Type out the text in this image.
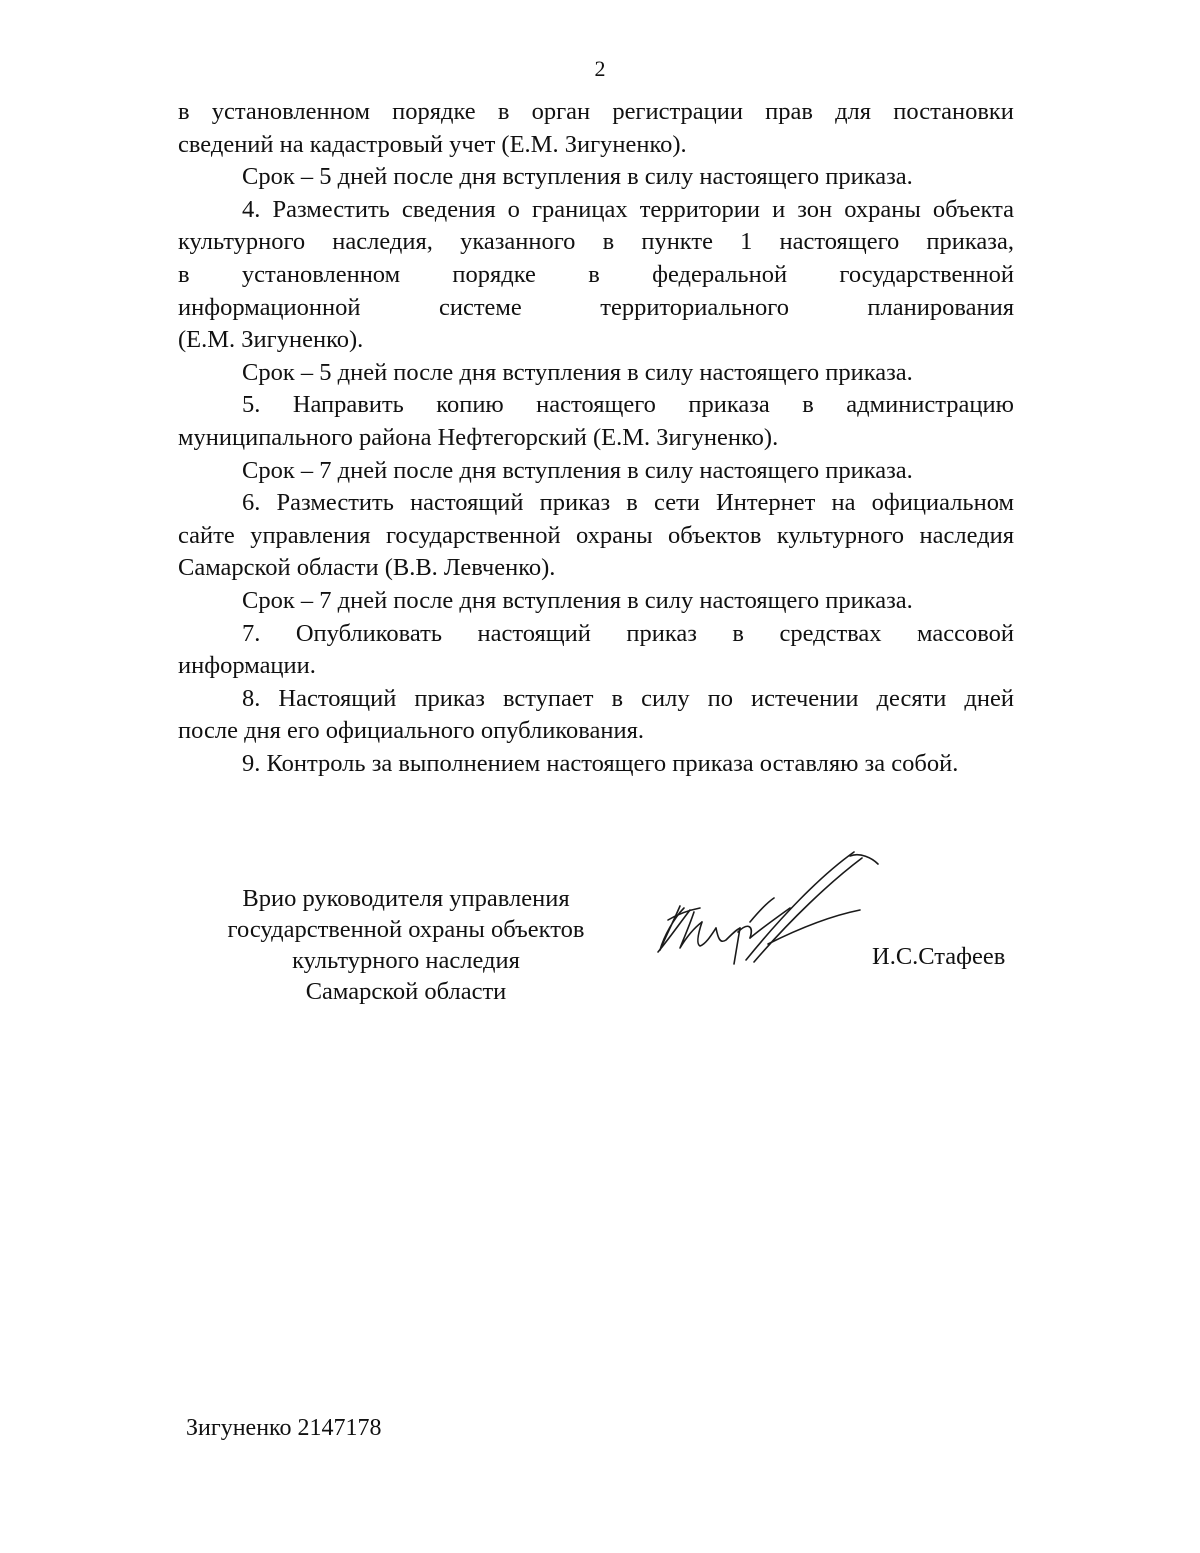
2
в установленном порядке в орган регистрации прав для постановки
сведений на кадастровый учет (Е.М. Зигуненко).
Срок – 5 дней после дня вступления в силу настоящего приказа.
4. Разместить сведения о границах территории и зон охраны объекта
культурного наследия, указанного в пункте 1 настоящего приказа,
в установленном порядке в федеральной государственной
информационной	системе	территориального	планирования
(Е.М. Зигуненко).
Срок – 5 дней после дня вступления в силу настоящего приказа.
5. Направить копию настоящего приказа в администрацию
муниципального района Нефтегорский (Е.М. Зигуненко).
Срок – 7 дней после дня вступления в силу настоящего приказа.
6. Разместить настоящий приказ в сети Интернет на официальном
сайте управления государственной охраны объектов культурного наследия
Самарской области (В.В. Левченко).
Срок – 7 дней после дня вступления в силу настоящего приказа.
7. Опубликовать настоящий приказ в средствах массовой
информации.
8. Настоящий приказ вступает в силу по истечении десяти дней
после дня его официального опубликования.
9. Контроль за выполнением настоящего приказа оставляю за собой.
Врио руководителя управления
государственной охраны объектов
культурного наследия
Самарской области
И.С.Стафеев
Зигуненко 2147178
